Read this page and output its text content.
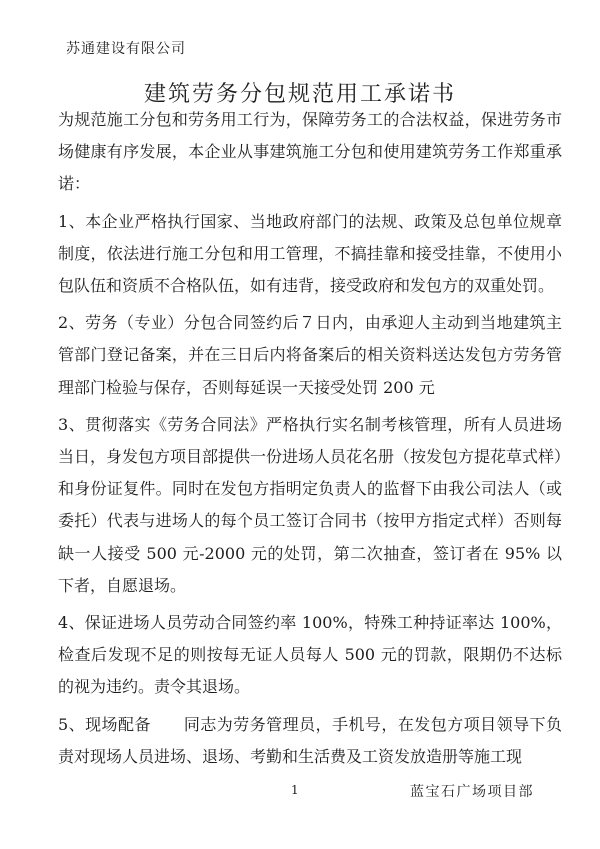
苏通建设有限公司
建筑劳务分包规范用工承诺书

为规范施工分包和劳务用工行为，保障劳务工的合法权益，保进劳务市场健康有序发展，本企业从事建筑施工分包和使用建筑劳务工作郑重承诺：

1、本企业严格执行国家、当地政府部门的法规、政策及总包单位规章制度，依法进行施工分包和用工管理，不搞挂靠和接受挂靠，不使用小包队伍和资质不合格队伍，如有违背，接受政府和发包方的双重处罚。

2、劳务（专业）分包合同签约后７日内，由承迎人主动到当地建筑主管部门登记备案，并在三日后内将备案后的相关资料送达发包方劳务管理部门检验与保存，否则每延误一天接受处罚 200 元

3、贯彻落实《劳务合同法》严格执行实名制考核管理，所有人员进场当日，身发包方项目部提供一份进场人员花名册（按发包方提花草式样）和身份证复件。同时在发包方指明定负责人的监督下由我公司法人（或委托）代表与进场人的每个员工签订合同书（按甲方指定式样）否则每缺一人接受 500 元-2000 元的处罚，第二次抽查，签订者在 95% 以 下者，自愿退场。

4、保证进场人员劳动合同签约率 100%，特殊工种持证率达 100%，检查后发现不足的则按每无证人员每人 500 元的罚款，限期仍不达标的视为违约。责令其退场。

5、现场配备　　同志为劳务管理员，手机号，在发包方项目领导下负责对现场人员进场、退场、考勤和生活费及工资发放造册等施工现

1	蓝宝石广场项目部
